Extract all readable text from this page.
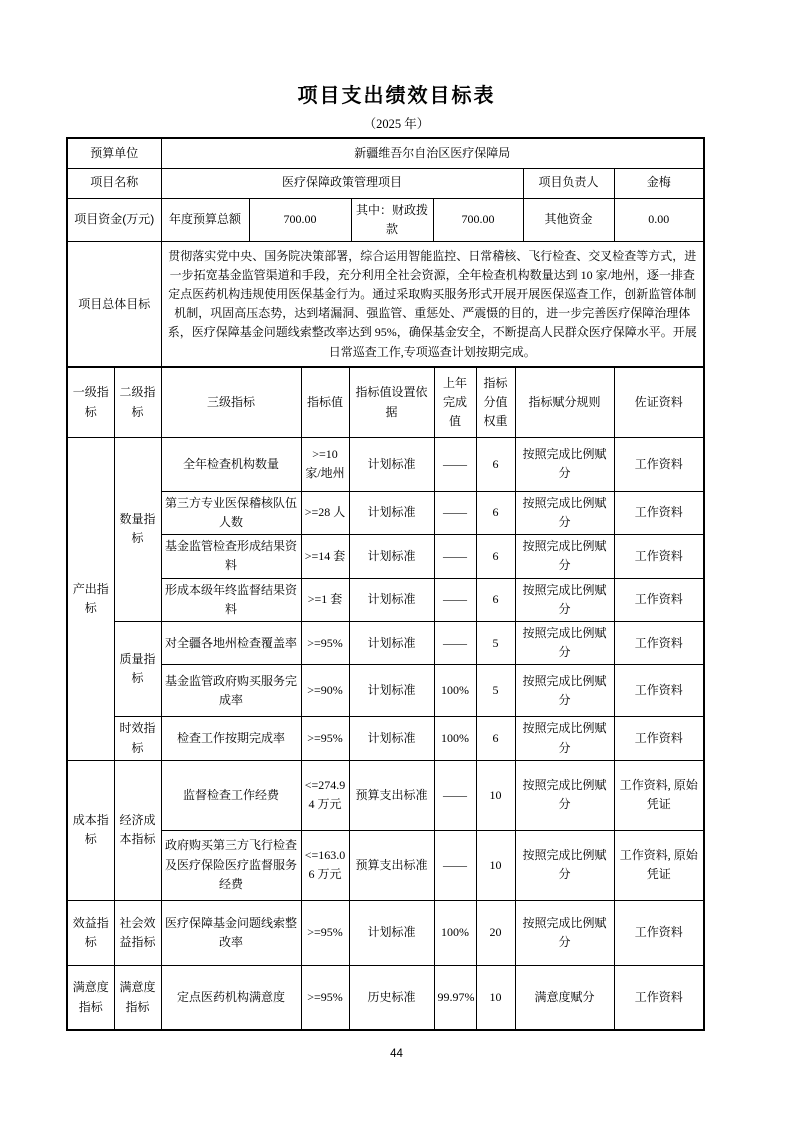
项目支出绩效目标表
（2025 年）
预算单位	新疆维吾尔自治区医疗保障局					
项目名称	医疗保障政策管理项目				项目负责人	金梅
项目资金(万元)	年度预算总额	700.00	其中：财政拨款	700.00	其他资金	0.00
项目总体目标	贯彻落实党中央、国务院决策部署，综合运用智能监控、日常稽核、飞行检查、交叉检查等方式，进一步拓宽基金监管渠道和手段，充分利用全社会资源，全年检查机构数量达到 10 家/地州，逐一排查定点医药机构违规使用医保基金行为。通过采取购买服务形式开展开展医保巡查工作，创新监管体制机制，巩固高压态势，达到堵漏洞、强监管、重惩处、严震慑的目的，进一步完善医疗保障治理体系，医疗保障基金问题线索整改率达到 95%，确保基金安全，不断提高人民群众医疗保障水平。开展日常巡查工作,专项巡查计划按期完成。					
一级指标	二级指标	三级指标	指标值	指标值设置依据	上年完成值	指标分值权重	指标赋分规则	佐证资料
产出指标	数量指标	全年检查机构数量	>=10 家/地州	计划标准	——	6	按照完成比例赋分	工作资料
		第三方专业医保稽核队伍人数	>=28 人	计划标准	——	6	按照完成比例赋分	工作资料
		基金监管检查形成结果资料	>=14 套	计划标准	——	6	按照完成比例赋分	工作资料
		形成本级年终监督结果资料	>=1 套	计划标准	——	6	按照完成比例赋分	工作资料
	质量指标	对全疆各地州检查覆盖率	>=95%	计划标准	——	5	按照完成比例赋分	工作资料
		基金监管政府购买服务完成率	>=90%	计划标准	100%	5	按照完成比例赋分	工作资料
	时效指标	检查工作按期完成率	>=95%	计划标准	100%	6	按照完成比例赋分	工作资料
成本指标	经济成本指标	监督检查工作经费	<=274.94 万元	预算支出标准	——	10	按照完成比例赋分	工作资料, 原始凭证
		政府购买第三方飞行检查及医疗保险医疗监督服务经费	<=163.06 万元	预算支出标准	——	10	按照完成比例赋分	工作资料, 原始凭证
效益指标	社会效益指标	医疗保障基金问题线索整改率	>=95%	计划标准	100%	20	按照完成比例赋分	工作资料
满意度指标	满意度指标	定点医药机构满意度	>=95%	历史标准	99.97%	10	满意度赋分	工作资料
44
